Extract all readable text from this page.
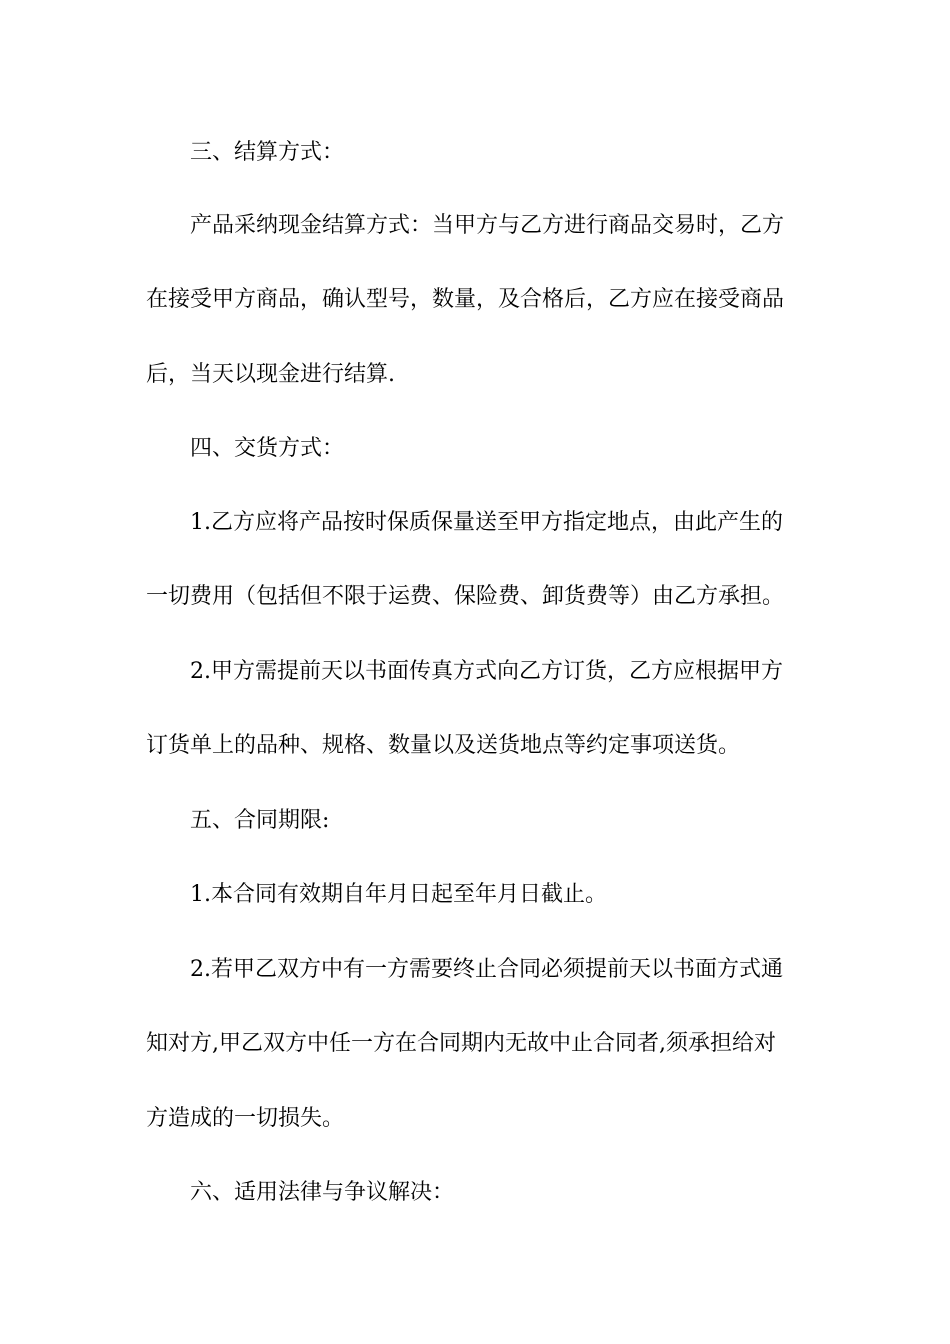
三、结算方式：
产品采纳现金结算方式：当甲方与乙方进行商品交易时，乙方
在接受甲方商品，确认型号，数量，及合格后，乙方应在接受商品
后，当天以现金进行结算.
四、交货方式：
1.乙方应将产品按时保质保量送至甲方指定地点，由此产生的
一切费用（包括但不限于运费、保险费、卸货费等）由乙方承担。
2.甲方需提前天以书面传真方式向乙方订货，乙方应根据甲方
订货单上的品种、规格、数量以及送货地点等约定事项送货。
五、合同期限:
1.本合同有效期自年月日起至年月日截止。
2.若甲乙双方中有一方需要终止合同必须提前天以书面方式通
知对方,甲乙双方中任一方在合同期内无故中止合同者,须承担给对
方造成的一切损失。
六、适用法律与争议解决：
